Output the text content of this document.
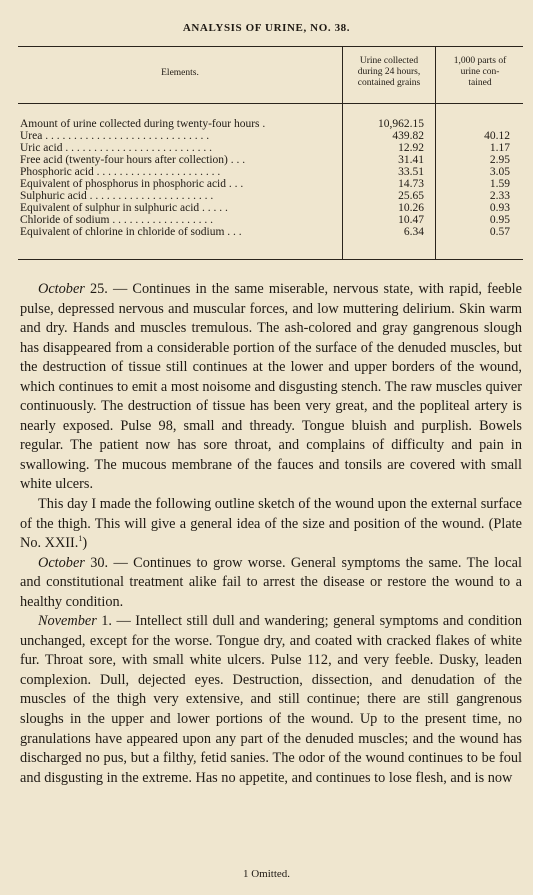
ANALYSIS OF URINE, NO. 38.
Elements.
Urine collected
during 24 hours,
contained grains
1,000 parts of
urine con-
tained
Amount of urine collected during twenty-four hours .	10,962.15
Urea . . . . . . . . . . . . . . . . . . . . . . . . . . . . .	439.82	40.12
Uric acid . . . . . . . . . . . . . . . . . . . . . . . . . .	12.92	1.17
Free acid (twenty-four hours after collection) . . .	31.41	2.95
Phosphoric acid . . . . . . . . . . . . . . . . . . . . . .	33.51	3.05
Equivalent of phosphorus in phosphoric acid . . .	14.73	1.59
Sulphuric acid . . . . . . . . . . . . . . . . . . . . . .	25.65	2.33
Equivalent of sulphur in sulphuric acid . . . . .	10.26	0.93
Chloride of sodium . . . . . . . . . . . . . . . . . .	10.47	0.95
Equivalent of chlorine in chloride of sodium . . .	6.34	0.57

October 25. — Continues in the same miserable, nervous state, with rapid, feeble pulse, depressed nervous and muscular forces, and low muttering delirium. Skin warm and dry. Hands and muscles tremulous. The ash-colored and gray gangrenous slough has disappeared from a considerable portion of the surface of the denuded muscles, but the destruction of tissue still continues at the lower and upper borders of the wound, which continues to emit a most noisome and disgusting stench. The raw muscles quiver continuously. The destruction of tissue has been very great, and the popliteal artery is nearly exposed. Pulse 98, small and thready. Tongue bluish and purplish. Bowels regular. The patient now has sore throat, and complains of difficulty and pain in swallowing. The mucous membrane of the fauces and tonsils are covered with small white ulcers.

This day I made the following outline sketch of the wound upon the external surface of the thigh. This will give a general idea of the size and position of the wound. (Plate No. XXII.$^1$)

October 30. — Continues to grow worse. General symptoms the same. The local and constitutional treatment alike fail to arrest the disease or restore the wound to a healthy condition.

November 1. — Intellect still dull and wandering; general symptoms and condition unchanged, except for the worse. Tongue dry, and coated with cracked flakes of white fur. Throat sore, with small white ulcers. Pulse 112, and very feeble. Dusky, leaden complexion. Dull, dejected eyes. Destruction, dissection, and denudation of the muscles of the thigh very extensive, and still continue; there are still gangrenous sloughs in the upper and lower portions of the wound. Up to the present time, no granulations have appeared upon any part of the denuded muscles; and the wound has discharged no pus, but a filthy, fetid sanies. The odor of the wound continues to be foul and disgusting in the extreme. Has no appetite, and continues to lose flesh, and is now

1 Omitted.
